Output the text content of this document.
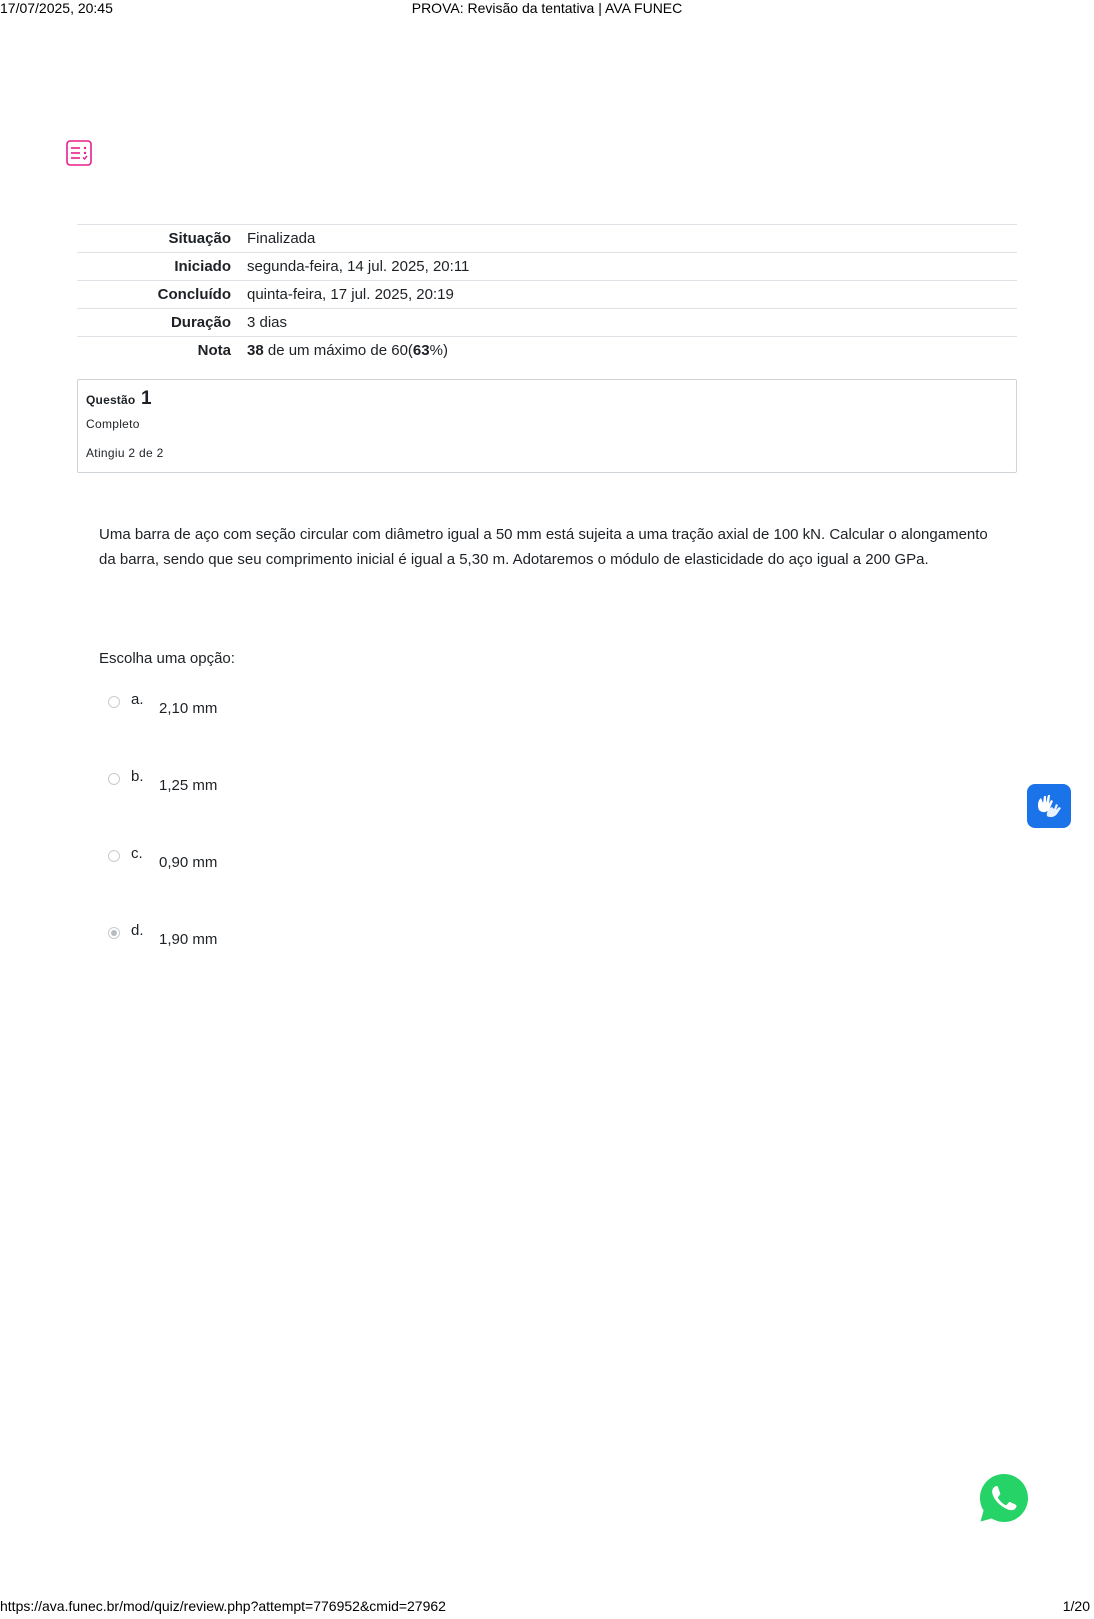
17/07/2025, 20:45	PROVA: Revisão da tentativa | AVA FUNEC
Situação	Finalizada
Iniciado	segunda-feira, 14 jul. 2025, 20:11
Concluído	quinta-feira, 17 jul. 2025, 20:19
Duração	3 dias
Nota	38 de um máximo de 60(63%)
Questão 1
Completo
Atingiu 2 de 2
Uma barra de aço com seção circular com diâmetro igual a 50 mm está sujeita a uma tração axial de 100 kN. Calcular o alongamento da barra, sendo que seu comprimento inicial é igual a 5,30 m. Adotaremos o módulo de elasticidade do aço igual a 200 GPa.
Escolha uma opção:
a.
2,10 mm
b.
1,25 mm
c.
0,90 mm
d.
1,90 mm
https://ava.funec.br/mod/quiz/review.php?attempt=776952&cmid=27962	1/20
